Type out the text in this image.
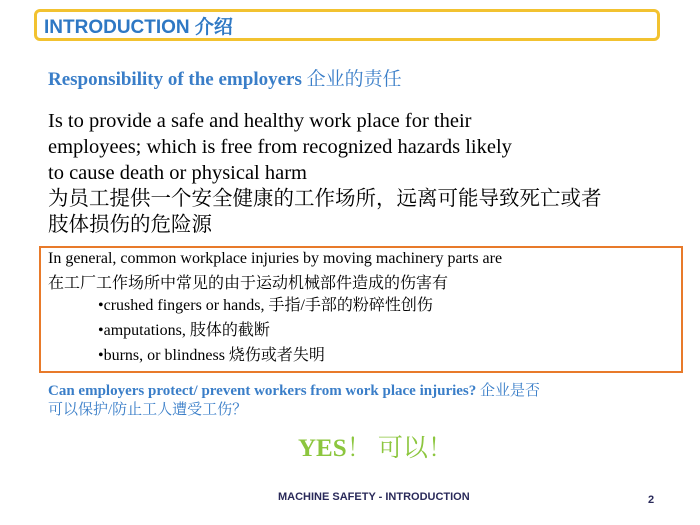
INTRODUCTION 介绍
Responsibility of the employers 企业的责任
Is to provide a safe and healthy work place for their
employees; which is free from recognized hazards likely
to cause death or physical harm
为员工提供一个安全健康的工作场所，远离可能导致死亡或者
肢体损伤的危险源
In general, common workplace injuries by moving machinery parts are
在工厂工作场所中常见的由于运动机械部件造成的伤害有
•crushed fingers or hands, 手指/手部的粉碎性创伤
•amputations, 肢体的截断
•burns, or blindness 烧伤或者失明
Can employers protect/ prevent workers from work place injuries? 企业是否
可以保护/防止工人遭受工伤？
YES！ 可以！
MACHINE SAFETY - INTRODUCTION	2
